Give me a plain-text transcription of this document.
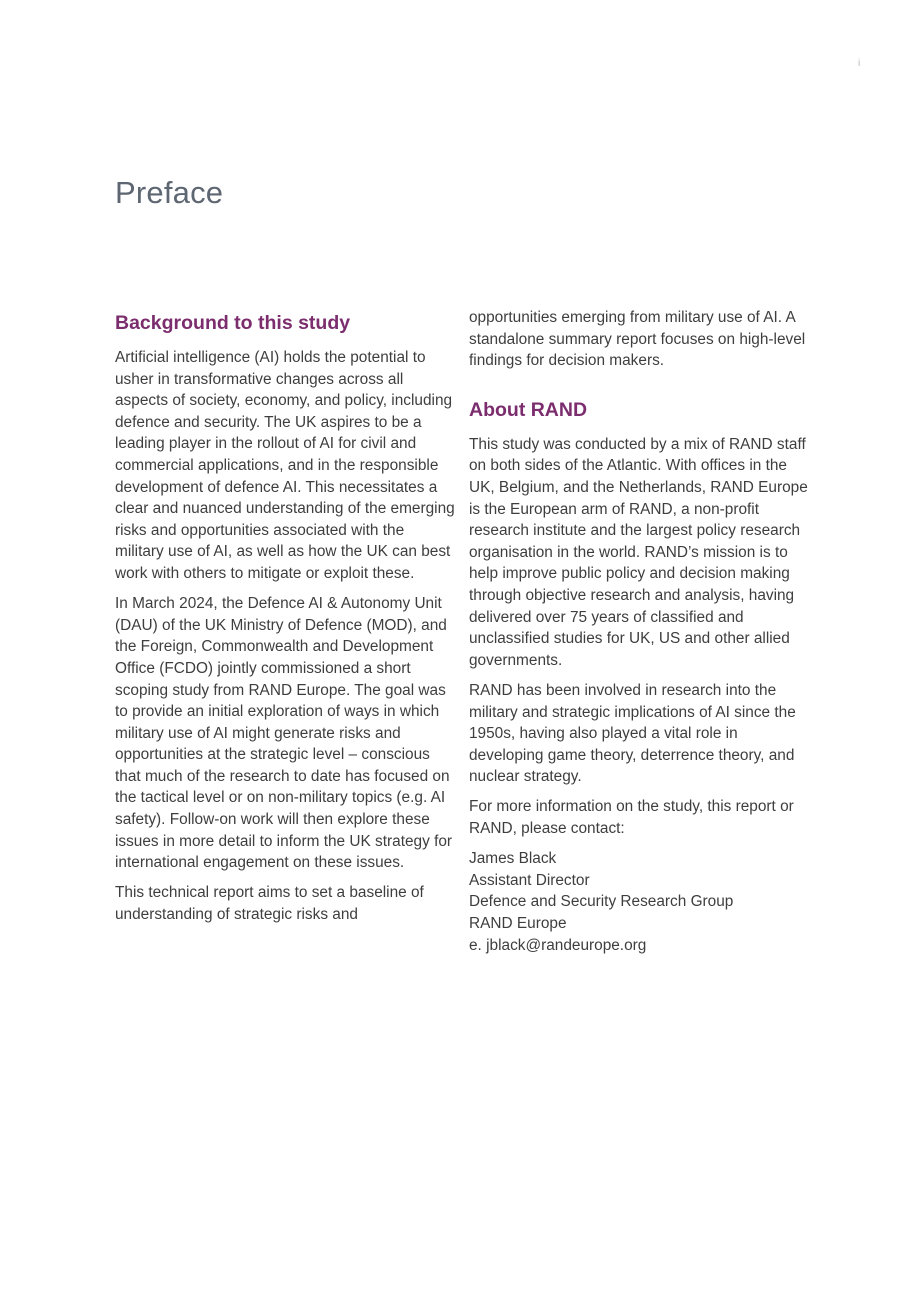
i
Preface
Background to this study

Artificial intelligence (AI) holds the potential to usher in transformative changes across all aspects of society, economy, and policy, including defence and security. The UK aspires to be a leading player in the rollout of AI for civil and commercial applications, and in the responsible development of defence AI. This necessitates a clear and nuanced understanding of the emerging risks and opportunities associated with the military use of AI, as well as how the UK can best work with others to mitigate or exploit these.

In March 2024, the Defence AI & Autonomy Unit (DAU) of the UK Ministry of Defence (MOD), and the Foreign, Commonwealth and Development Office (FCDO) jointly commissioned a short scoping study from RAND Europe. The goal was to provide an initial exploration of ways in which military use of AI might generate risks and opportunities at the strategic level – conscious that much of the research to date has focused on the tactical level or on non-military topics (e.g. AI safety). Follow-on work will then explore these issues in more detail to inform the UK strategy for international engagement on these issues.

This technical report aims to set a baseline of understanding of strategic risks and

opportunities emerging from military use of AI. A standalone summary report focuses on high-level findings for decision makers.

About RAND

This study was conducted by a mix of RAND staff on both sides of the Atlantic. With offices in the UK, Belgium, and the Netherlands, RAND Europe is the European arm of RAND, a non-profit research institute and the largest policy research organisation in the world. RAND’s mission is to help improve public policy and decision making through objective research and analysis, having delivered over 75 years of classified and unclassified studies for UK, US and other allied governments.

RAND has been involved in research into the military and strategic implications of AI since the 1950s, having also played a vital role in developing game theory, deterrence theory, and nuclear strategy.

For more information on the study, this report or RAND, please contact:

James Black
Assistant Director
Defence and Security Research Group
RAND Europe
e. jblack@randeurope.org
